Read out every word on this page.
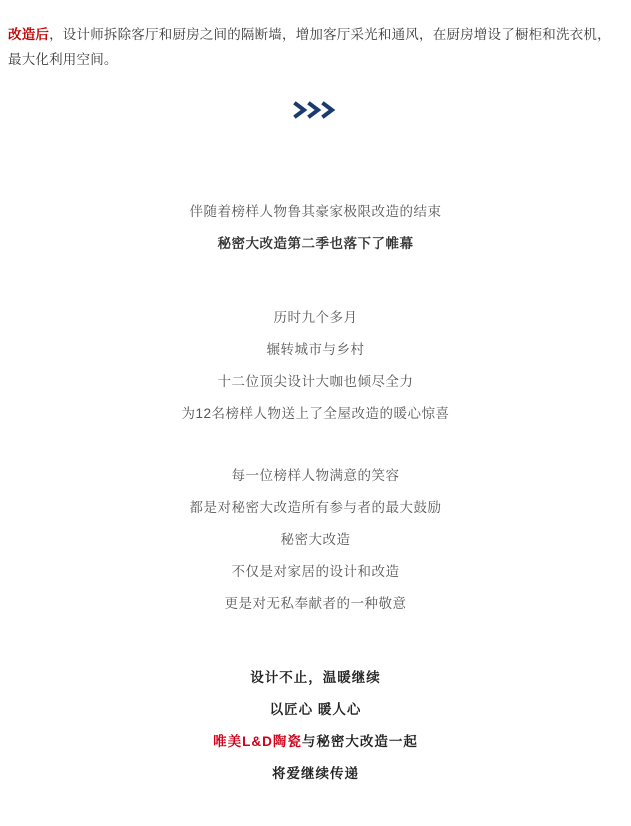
改造后，设计师拆除客厅和厨房之间的隔断墙，增加客厅采光和通风，在厨房增设了橱柜和洗衣机，最大化利用空间。

伴随着榜样人物鲁其豪家极限改造的结束
秘密大改造第二季也落下了帷幕
历时九个多月
辗转城市与乡村
十二位顶尖设计大咖也倾尽全力
为12名榜样人物送上了全屋改造的暖心惊喜
每一位榜样人物满意的笑容
都是对秘密大改造所有参与者的最大鼓励
秘密大改造
不仅是对家居的设计和改造
更是对无私奉献者的一种敬意
设计不止，温暖继续
以匠心 暖人心
唯美L&D陶瓷与秘密大改造一起
将爱继续传递
